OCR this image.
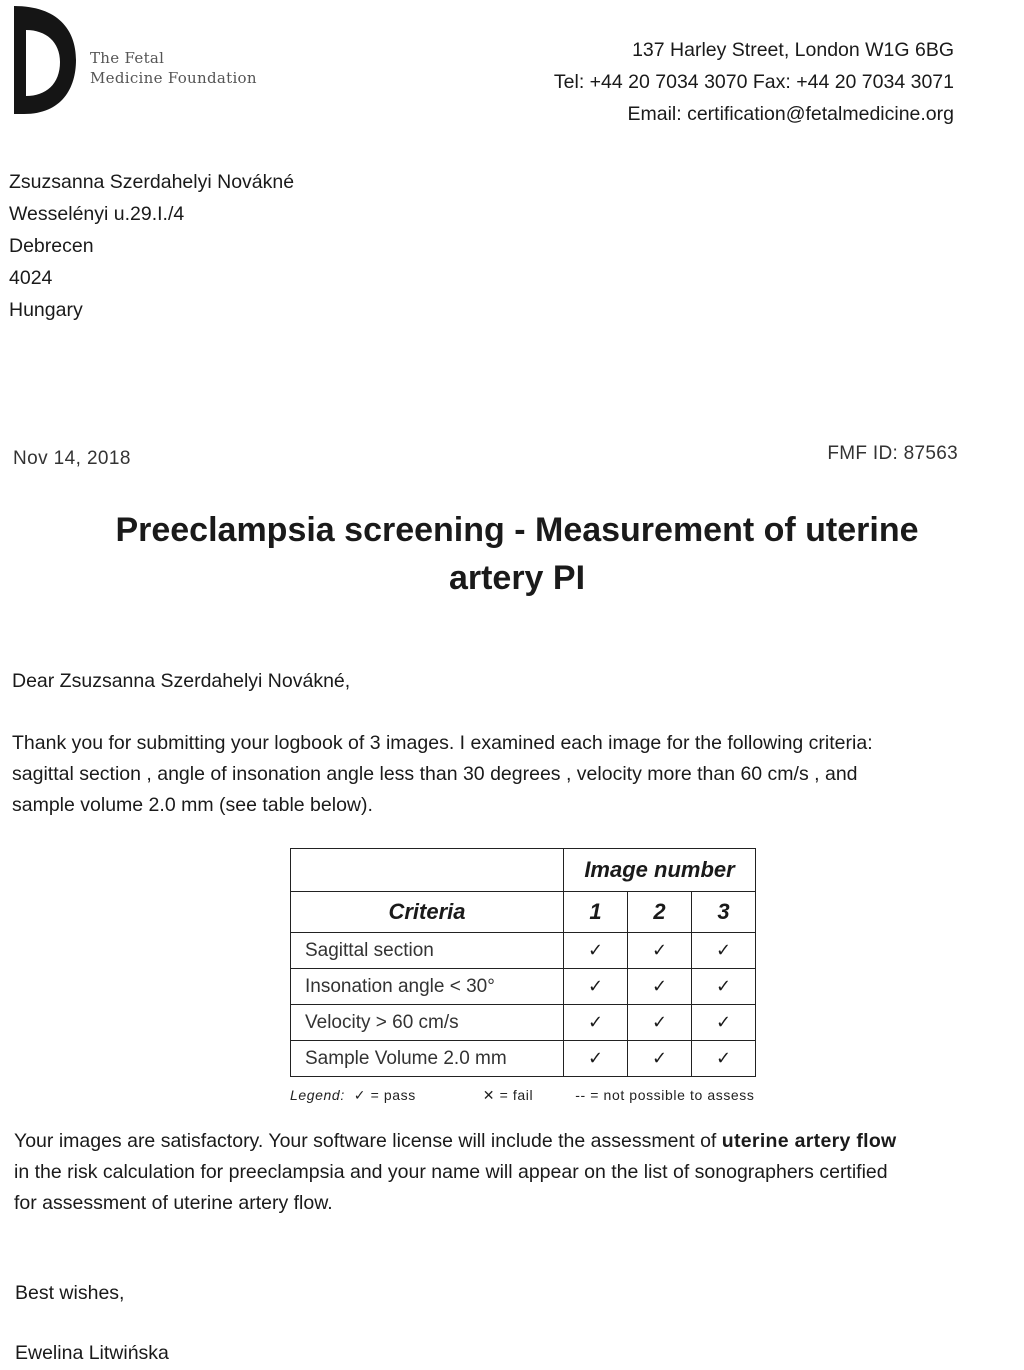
The Fetal
Medicine Foundation
137 Harley Street, London W1G 6BG
Tel: +44 20 7034 3070 Fax: +44 20 7034 3071
Email: certification@fetalmedicine.org
Zsuzsanna Szerdahelyi Novákné
Wesselényi u.29.I./4
Debrecen
4024
Hungary
Nov 14, 2018	FMF ID: 87563
Preeclampsia screening - Measurement of uterine
artery PI
Dear Zsuzsanna Szerdahelyi Novákné,
Thank you for submitting your logbook of 3 images. I examined each image for the following criteria:
sagittal section , angle of insonation angle less than 30 degrees , velocity more than 60 cm/s , and
sample volume 2.0 mm (see table below).
	Image number		
Criteria	1	2	3
Sagittal section	✓	✓	✓
Insonation angle < 30°	✓	✓	✓
Velocity > 60 cm/s	✓	✓	✓
Sample Volume 2.0 mm	✓	✓	✓
Legend: ✓ = pass	✕ = fail	-- = not possible to assess
Your images are satisfactory. Your software license will include the assessment of uterine artery flow
in the risk calculation for preeclampsia and your name will appear on the list of sonographers certified
for assessment of uterine artery flow.
Best wishes,
Ewelina Litwińska
